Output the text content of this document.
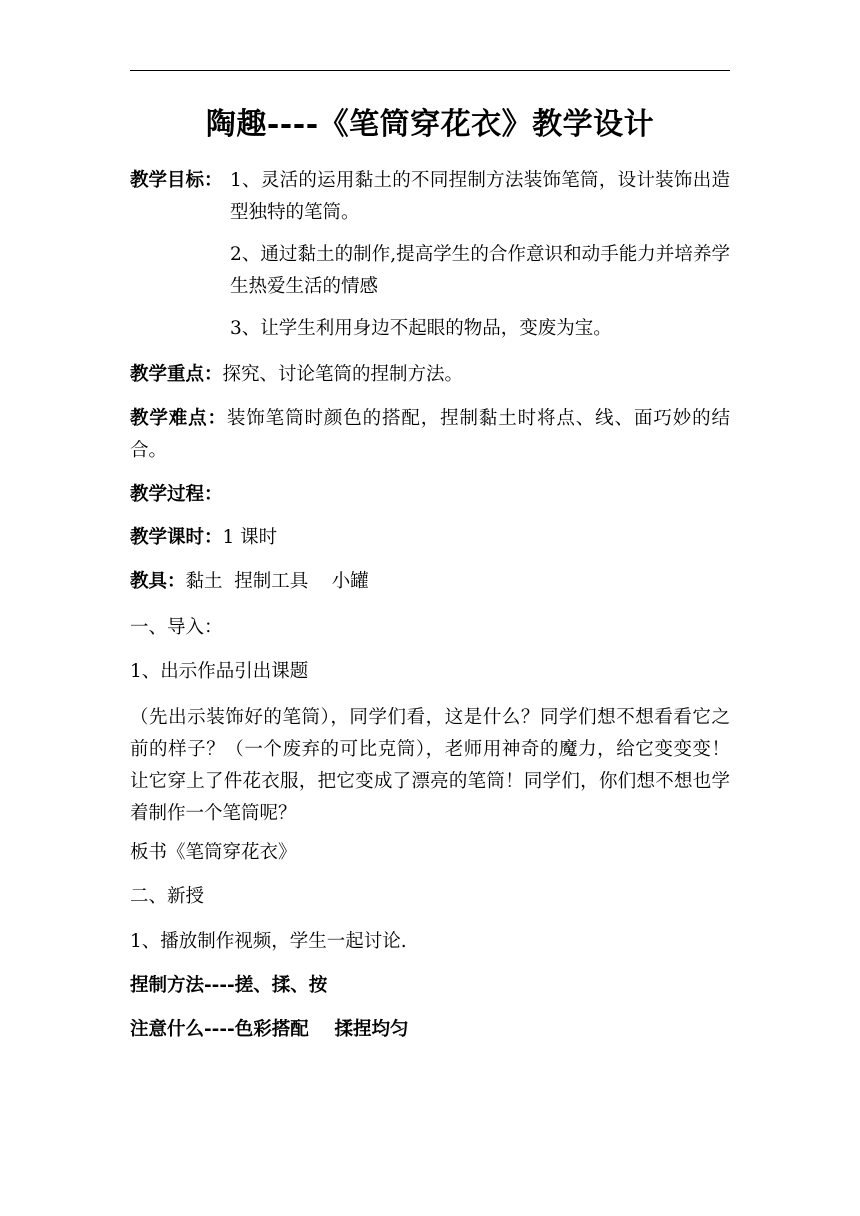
陶趣----《笔筒穿花衣》教学设计
教学目标： 1、灵活的运用黏土的不同捏制方法装饰笔筒，设计装饰出造型独特的笔筒。
2、通过黏土的制作,提高学生的合作意识和动手能力并培养学生热爱生活的情感
3、让学生利用身边不起眼的物品，变废为宝。
教学重点：探究、讨论笔筒的捏制方法。
教学难点：装饰笔筒时颜色的搭配，捏制黏土时将点、线、面巧妙的结合。
教学过程：
教学课时：1 课时
教具：黏土  捏制工具    小罐
一、导入：
1、出示作品引出课题
（先出示装饰好的笔筒），同学们看，这是什么？同学们想不想看看它之前的样子？（一个废弃的可比克筒），老师用神奇的魔力，给它变变变！让它穿上了件花衣服，把它变成了漂亮的笔筒！同学们，你们想不想也学着制作一个笔筒呢？
板书《笔筒穿花衣》
二、新授
1、播放制作视频，学生一起讨论.
捏制方法----搓、揉、按
注意什么----色彩搭配    揉捏均匀
